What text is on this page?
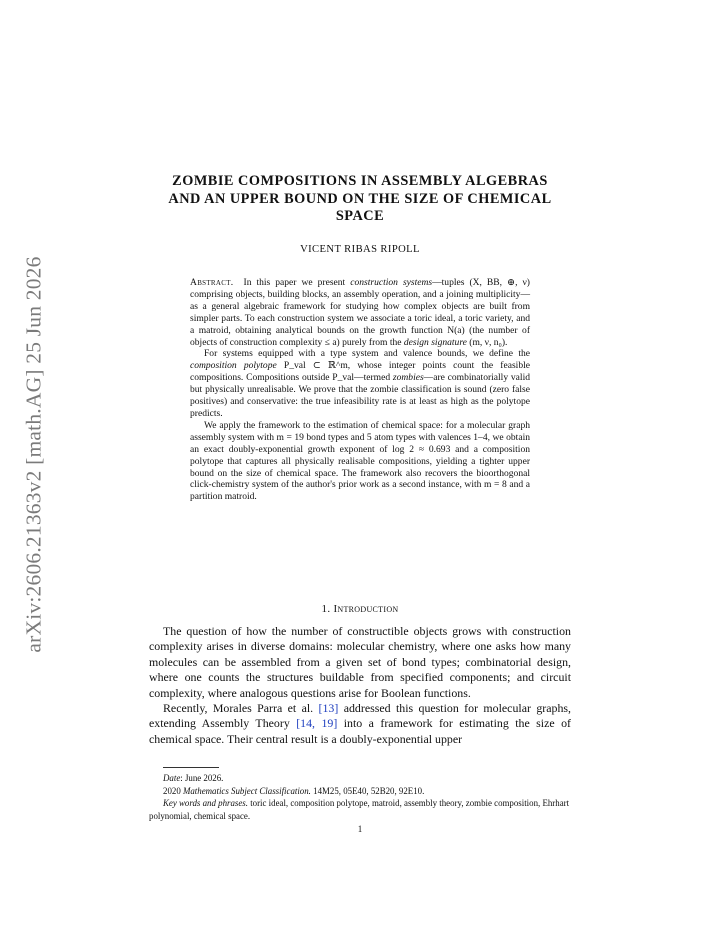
arXiv:2606.21363v2 [math.AG] 25 Jun 2026
ZOMBIE COMPOSITIONS IN ASSEMBLY ALGEBRAS
AND AN UPPER BOUND ON THE SIZE OF CHEMICAL
SPACE
VICENT RIBAS RIPOLL

Abstract. In this paper we present construction systems—tuples (X, BB, ⊕, ν) comprising objects, building blocks, an assembly operation, and a joining multiplicity—as a general algebraic framework for studying how complex objects are built from simpler parts. To each construction system we associate a toric ideal, a toric variety, and a matroid, obtaining analytical bounds on the growth function N(a) (the number of objects of construction complexity ≤ a) purely from the design signature (m, ν, n₀).

For systems equipped with a type system and valence bounds, we define the composition polytope P_val ⊂ ℝ^m, whose integer points count the feasible compositions. Compositions outside P_val—termed zombies—are combinatorially valid but physically unrealisable. We prove that the zombie classification is sound (zero false positives) and conservative: the true infeasibility rate is at least as high as the polytope predicts.

We apply the framework to the estimation of chemical space: for a molecular graph assembly system with m = 19 bond types and 5 atom types with valences 1–4, we obtain an exact doubly-exponential growth exponent of log 2 ≈ 0.693 and a composition polytope that captures all physically realisable compositions, yielding a tighter upper bound on the size of chemical space. The framework also recovers the bioorthogonal click-chemistry system of the author's prior work as a second instance, with m = 8 and a partition matroid.

1. Introduction

The question of how the number of constructible objects grows with construction complexity arises in diverse domains: molecular chemistry, where one asks how many molecules can be assembled from a given set of bond types; combinatorial design, where one counts the structures buildable from specified components; and circuit complexity, where analogous questions arise for Boolean functions.

Recently, Morales Parra et al. [13] addressed this question for molecular graphs, extending Assembly Theory [14, 19] into a framework for estimating the size of chemical space. Their central result is a doubly-exponential upper

Date: June 2026.
2020 Mathematics Subject Classification. 14M25, 05E40, 52B20, 92E10.
Key words and phrases. toric ideal, composition polytope, matroid, assembly theory, zombie composition, Ehrhart polynomial, chemical space.
1
